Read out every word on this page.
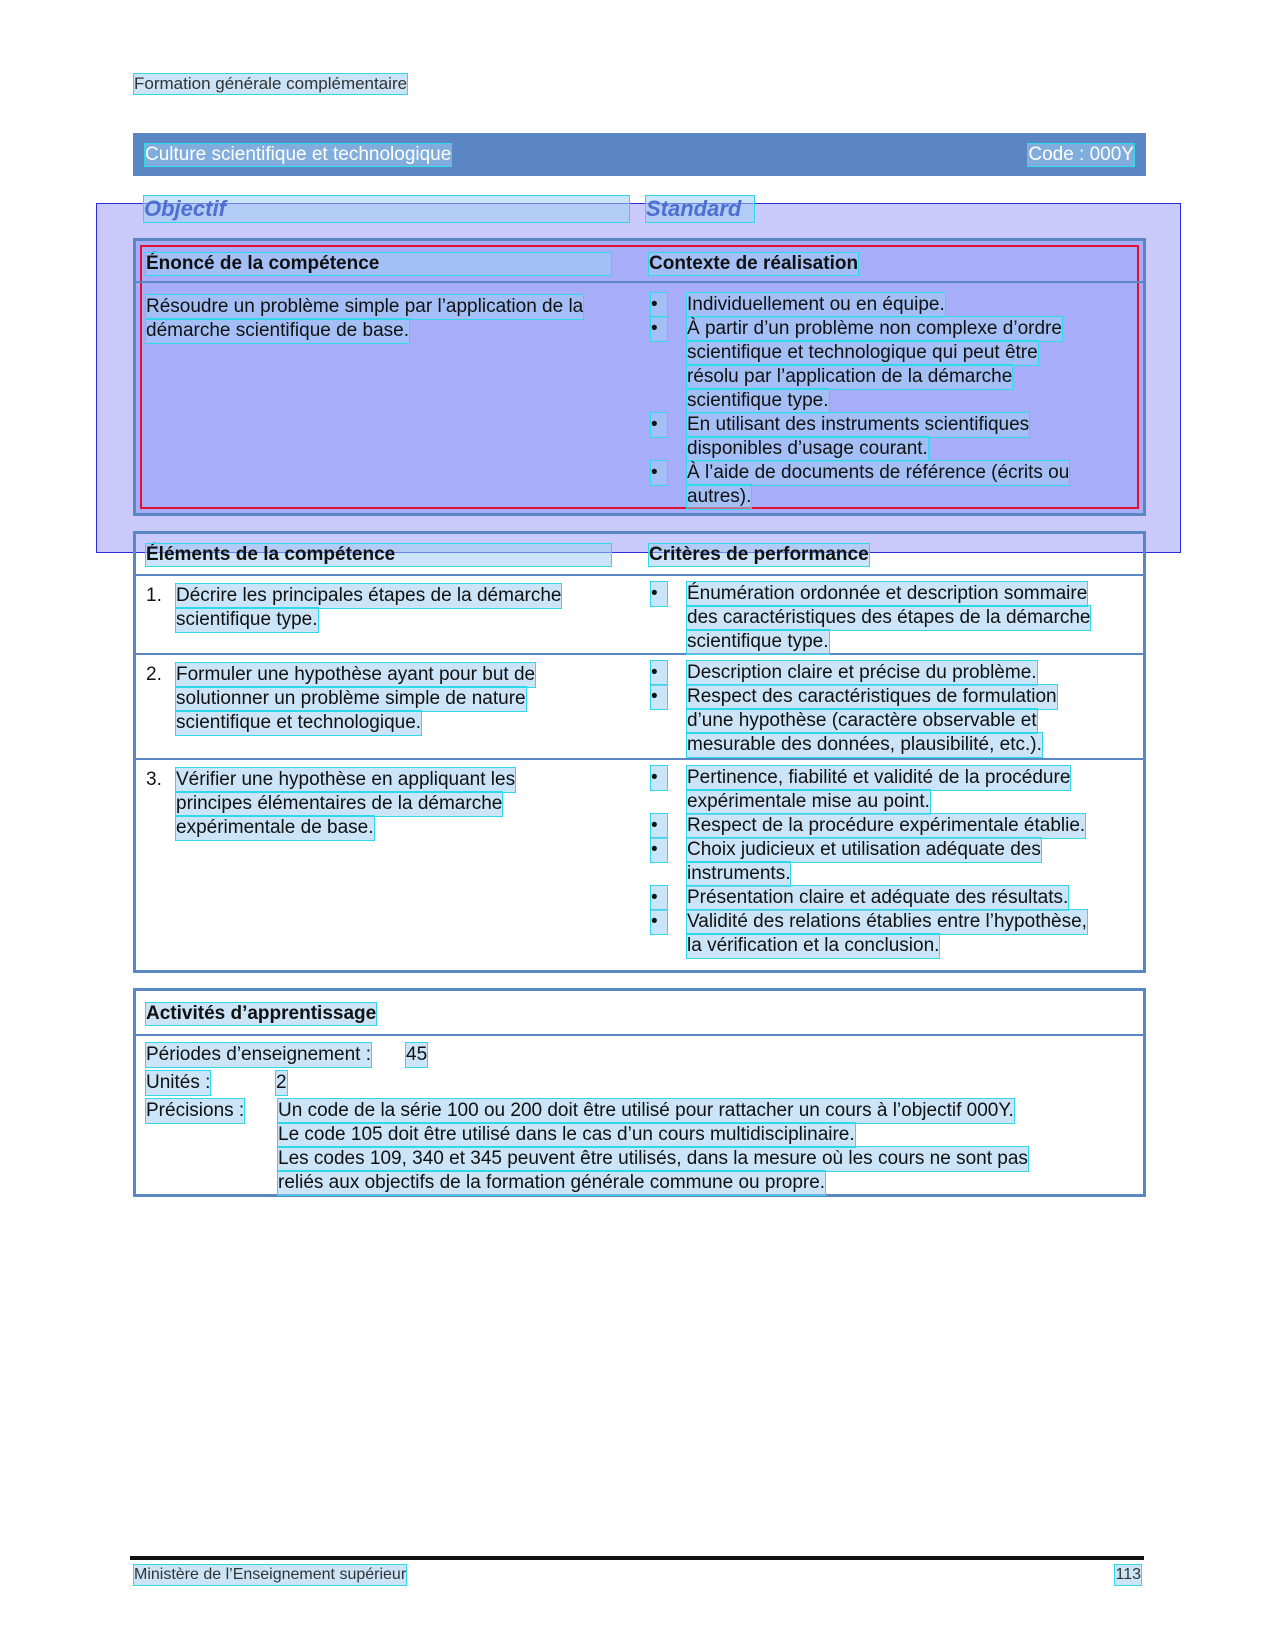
Formation générale complémentaire
Culture scientifique et technologique	Code : 000Y
Objectif	Standard
Énoncé de la compétence	Contexte de réalisation
Résoudre un problème simple par l’application de la
démarche scientifique de base.
•	Individuellement ou en équipe.
•	À partir d’un problème non complexe d’ordre
scientifique et technologique qui peut être
résolu par l’application de la démarche
scientifique type.
•	En utilisant des instruments scientifiques
disponibles d’usage courant.
•	À l’aide de documents de référence (écrits ou
autres).
Éléments de la compétence	Critères de performance
1. Décrire les principales étapes de la démarche
scientifique type.
•	Énumération ordonnée et description sommaire
des caractéristiques des étapes de la démarche
scientifique type.
2. Formuler une hypothèse ayant pour but de
solutionner un problème simple de nature
scientifique et technologique.
•	Description claire et précise du problème.
•	Respect des caractéristiques de formulation
d’une hypothèse (caractère observable et
mesurable des données, plausibilité, etc.).
3. Vérifier une hypothèse en appliquant les
principes élémentaires de la démarche
expérimentale de base.
•	Pertinence, fiabilité et validité de la procédure
expérimentale mise au point.
•	Respect de la procédure expérimentale établie.
•	Choix judicieux et utilisation adéquate des
instruments.
•	Présentation claire et adéquate des résultats.
•	Validité des relations établies entre l’hypothèse,
la vérification et la conclusion.
Activités d’apprentissage
Périodes d’enseignement : 45
Unités :	2
Précisions : Un code de la série 100 ou 200 doit être utilisé pour rattacher un cours à l’objectif 000Y.
Le code 105 doit être utilisé dans le cas d’un cours multidisciplinaire.
Les codes 109, 340 et 345 peuvent être utilisés, dans la mesure où les cours ne sont pas
reliés aux objectifs de la formation générale commune ou propre.
Ministère de l’Enseignement supérieur	113
